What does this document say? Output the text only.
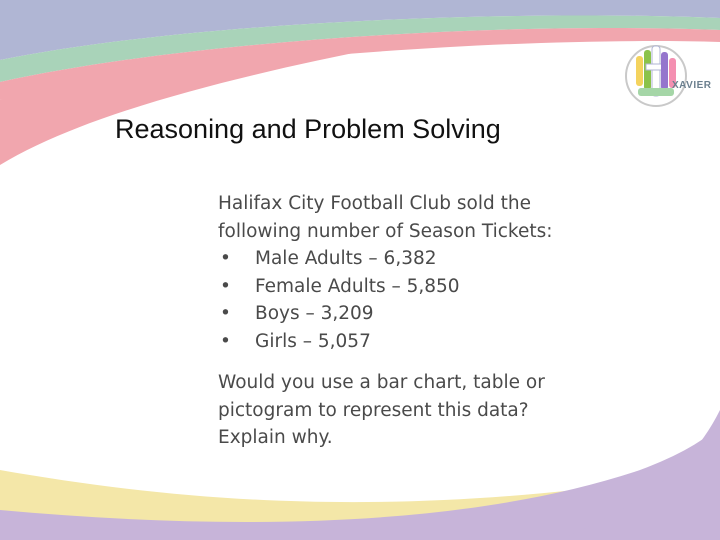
XAVIER
Reasoning and Problem Solving

Halifax City Football Club sold the

following number of Season Tickets:

• Male Adults – 6,382
• Female Adults – 5,850
• Boys – 3,209
• Girls – 5,057

Would you use a bar chart, table or

pictogram to represent this data?

Explain why.
